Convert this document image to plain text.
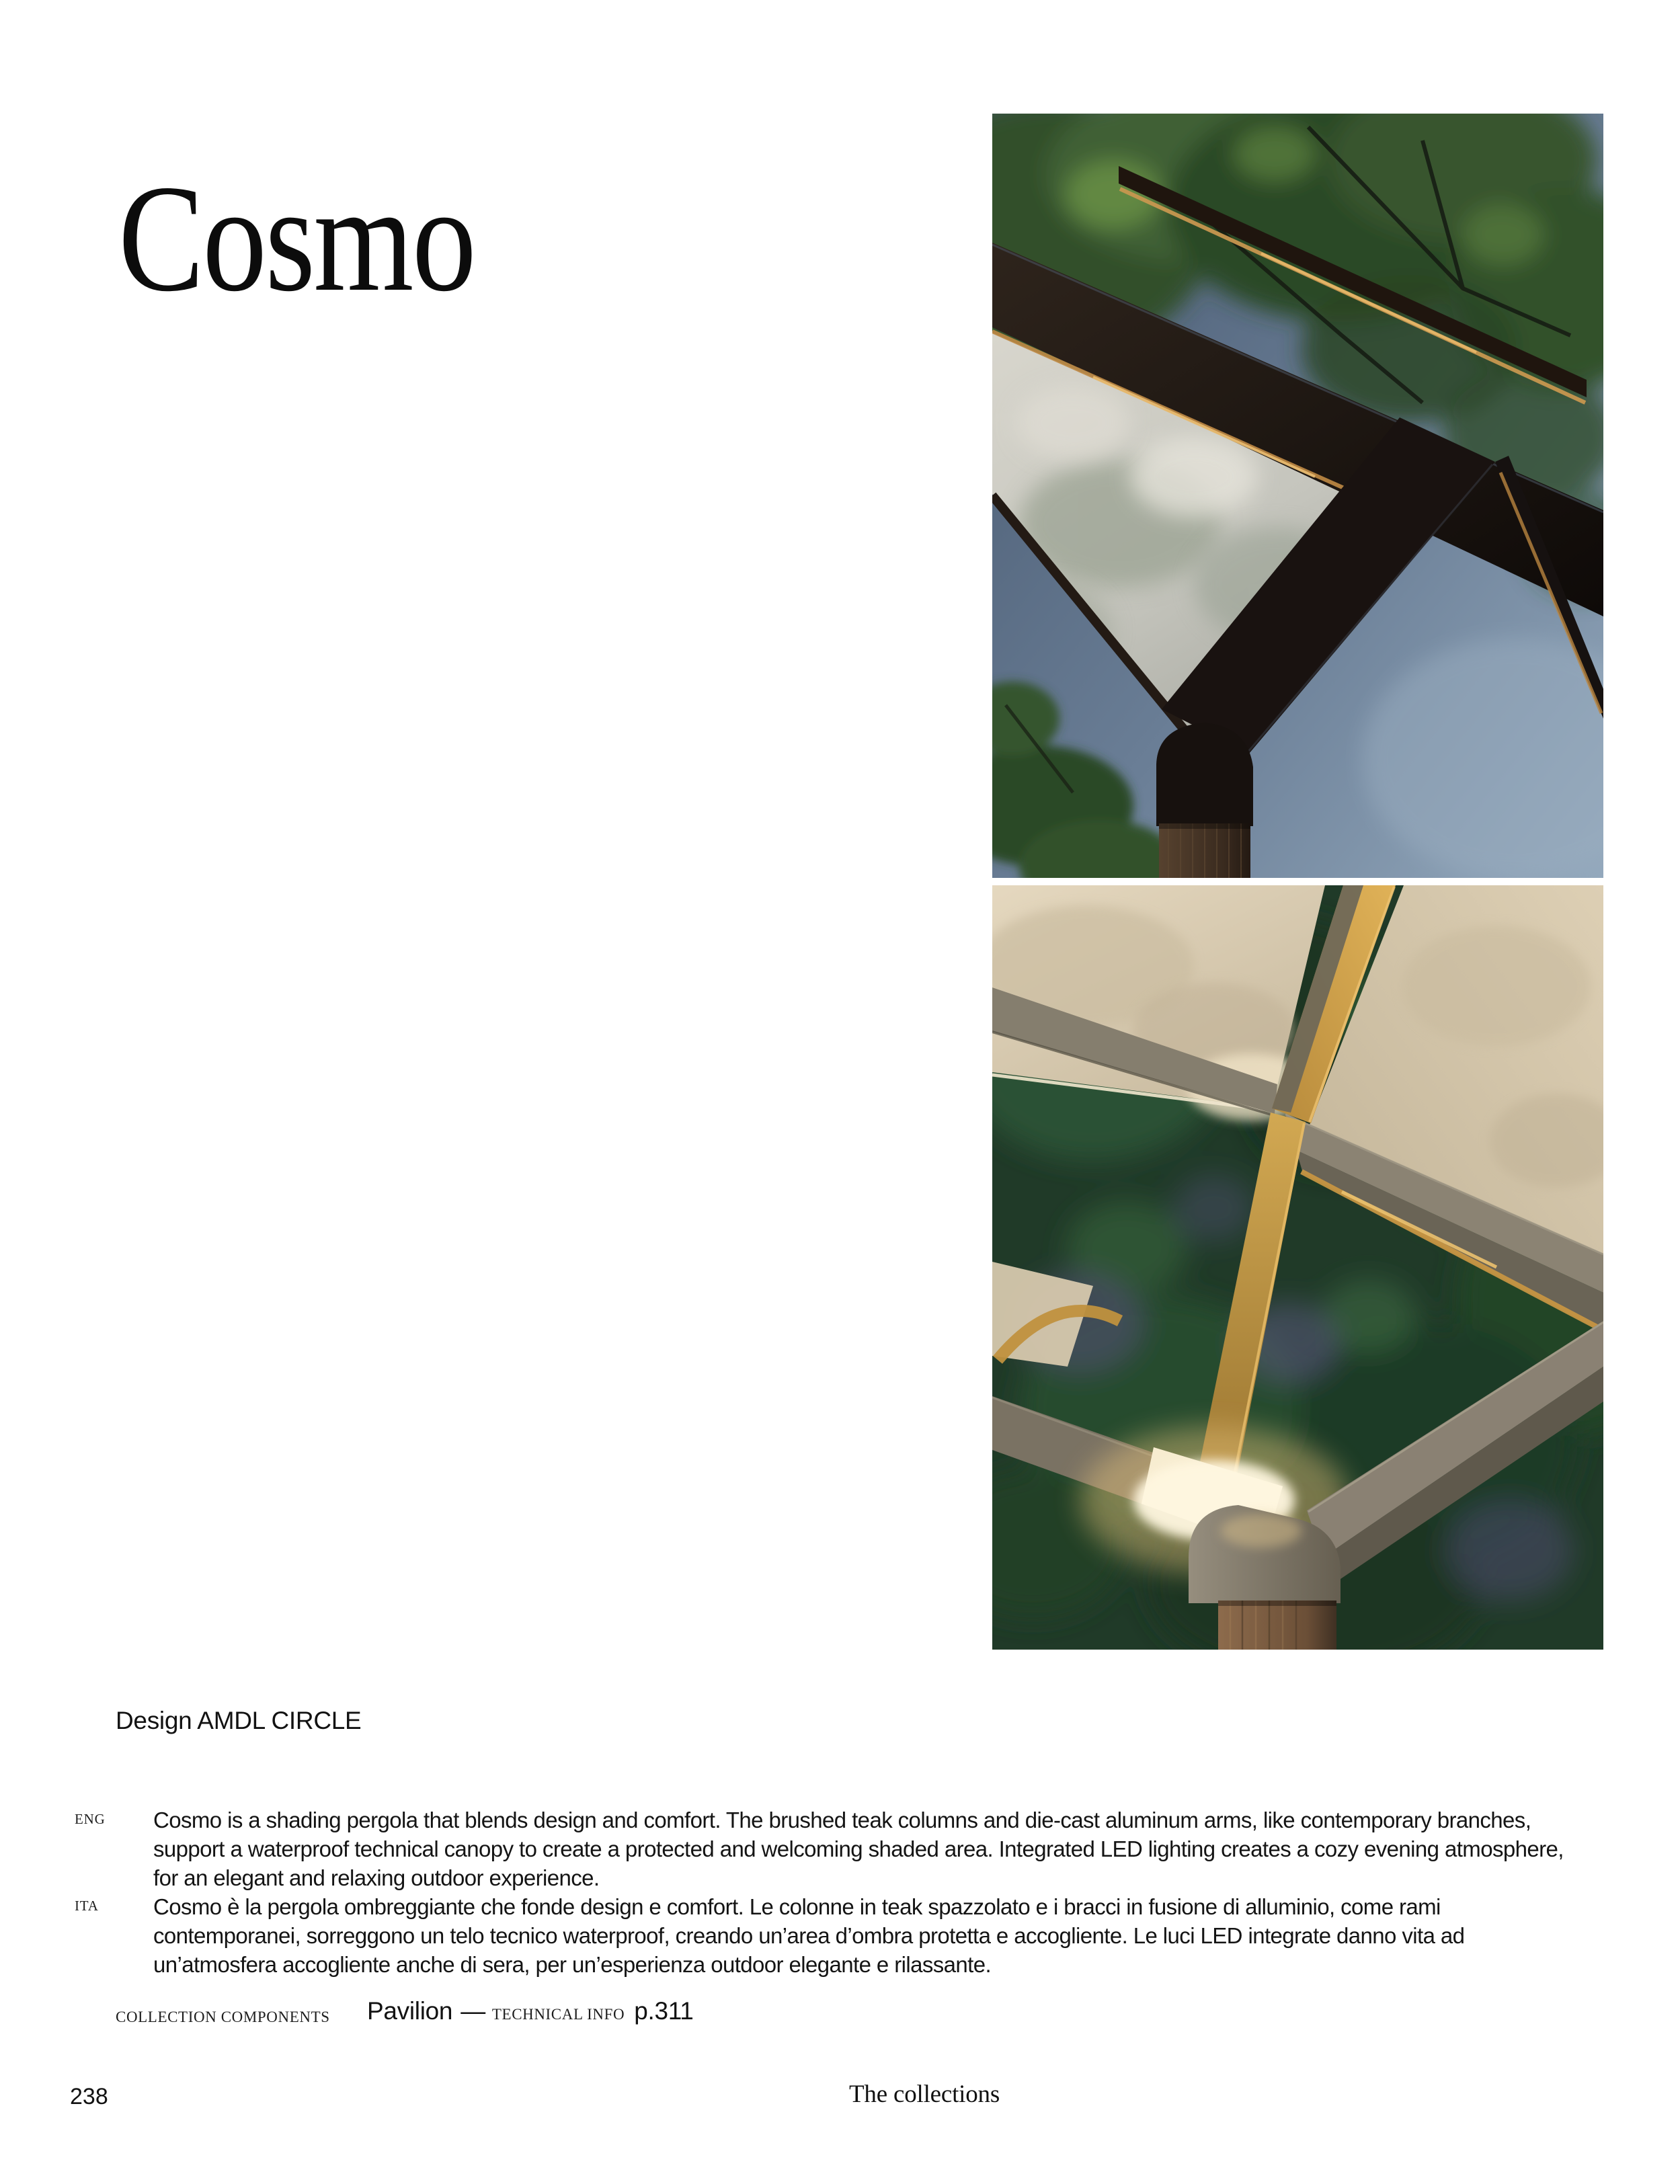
Cosmo
Design AMDL CIRCLE
ENG
ITA

Cosmo is a shading pergola that blends design and comfort. The brushed teak columns and die-cast aluminum arms, like contemporary branches, support a waterproof technical canopy to create a protected and welcoming shaded area. Integrated LED lighting creates a cozy evening atmosphere, for an elegant and relaxing outdoor experience.

Cosmo è la pergola ombreggiante che fonde design e comfort. Le colonne in teak spazzolato e i bracci in fusione di alluminio, come rami contemporanei, sorreggono un telo tecnico waterproof, creando un’area d’ombra protetta e accogliente. Le luci LED integrate danno vita ad un’atmosfera accogliente anche di sera, per un’esperienza outdoor elegante e rilassante.

COLLECTION COMPONENTS Pavilion — TECHNICAL INFO p.311
238	The collections
